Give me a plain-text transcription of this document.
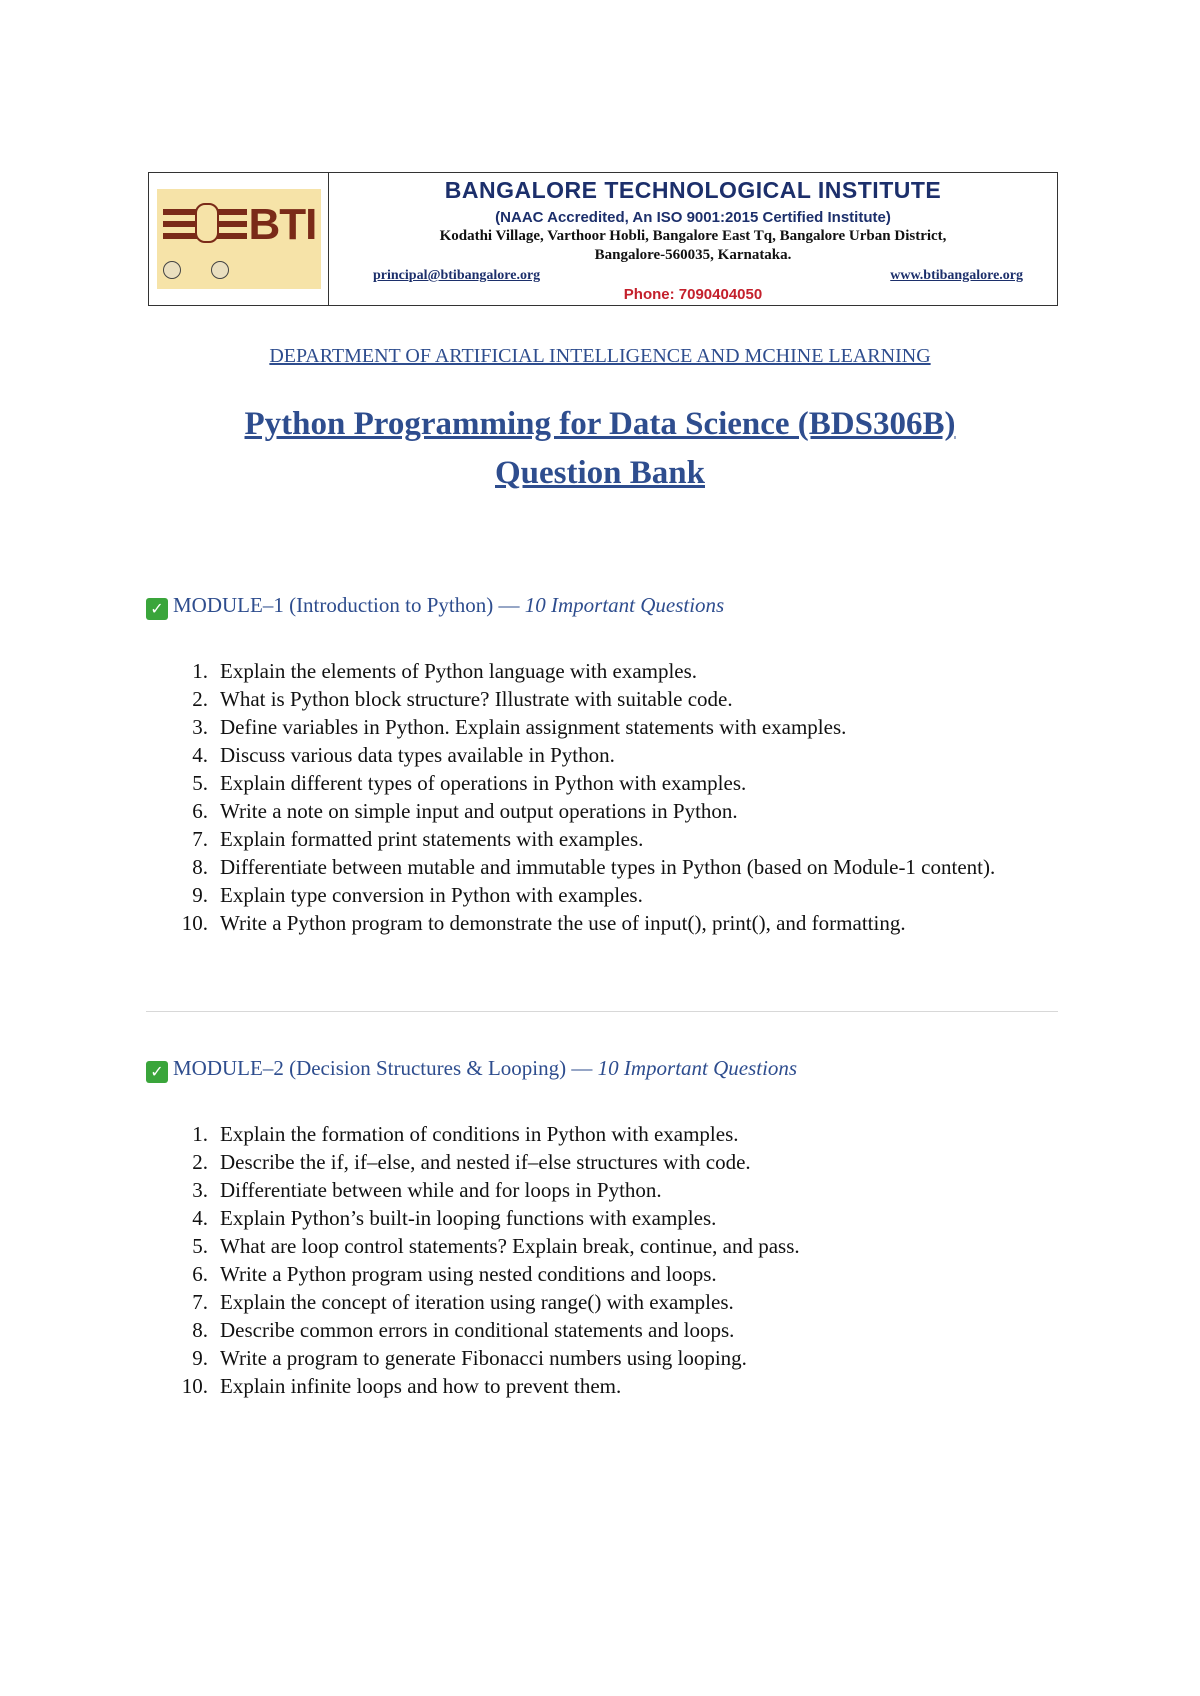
BTI
BANGALORE TECHNOLOGICAL INSTITUTE
(NAAC Accredited, An ISO 9001:2015 Certified Institute)
Kodathi Village, Varthoor Hobli, Bangalore East Tq, Bangalore Urban District,
Bangalore-560035, Karnataka.
principal@btibangalore.org	www.btibangalore.org
Phone: 7090404050
DEPARTMENT OF ARTIFICIAL INTELLIGENCE AND MCHINE LEARNING
Python Programming for Data Science (BDS306B)
Question Bank
✓ MODULE–1 (Introduction to Python) — 10 Important Questions
1. Explain the elements of Python language with examples.
2. What is Python block structure? Illustrate with suitable code.
3. Define variables in Python. Explain assignment statements with examples.
4. Discuss various data types available in Python.
5. Explain different types of operations in Python with examples.
6. Write a note on simple input and output operations in Python.
7. Explain formatted print statements with examples.
8. Differentiate between mutable and immutable types in Python (based on Module-1 content).
9. Explain type conversion in Python with examples.
10. Write a Python program to demonstrate the use of input(), print(), and formatting.
✓ MODULE–2 (Decision Structures & Looping) — 10 Important Questions
1. Explain the formation of conditions in Python with examples.
2. Describe the if, if–else, and nested if–else structures with code.
3. Differentiate between while and for loops in Python.
4. Explain Python’s built-in looping functions with examples.
5. What are loop control statements? Explain break, continue, and pass.
6. Write a Python program using nested conditions and loops.
7. Explain the concept of iteration using range() with examples.
8. Describe common errors in conditional statements and loops.
9. Write a program to generate Fibonacci numbers using looping.
10. Explain infinite loops and how to prevent them.
